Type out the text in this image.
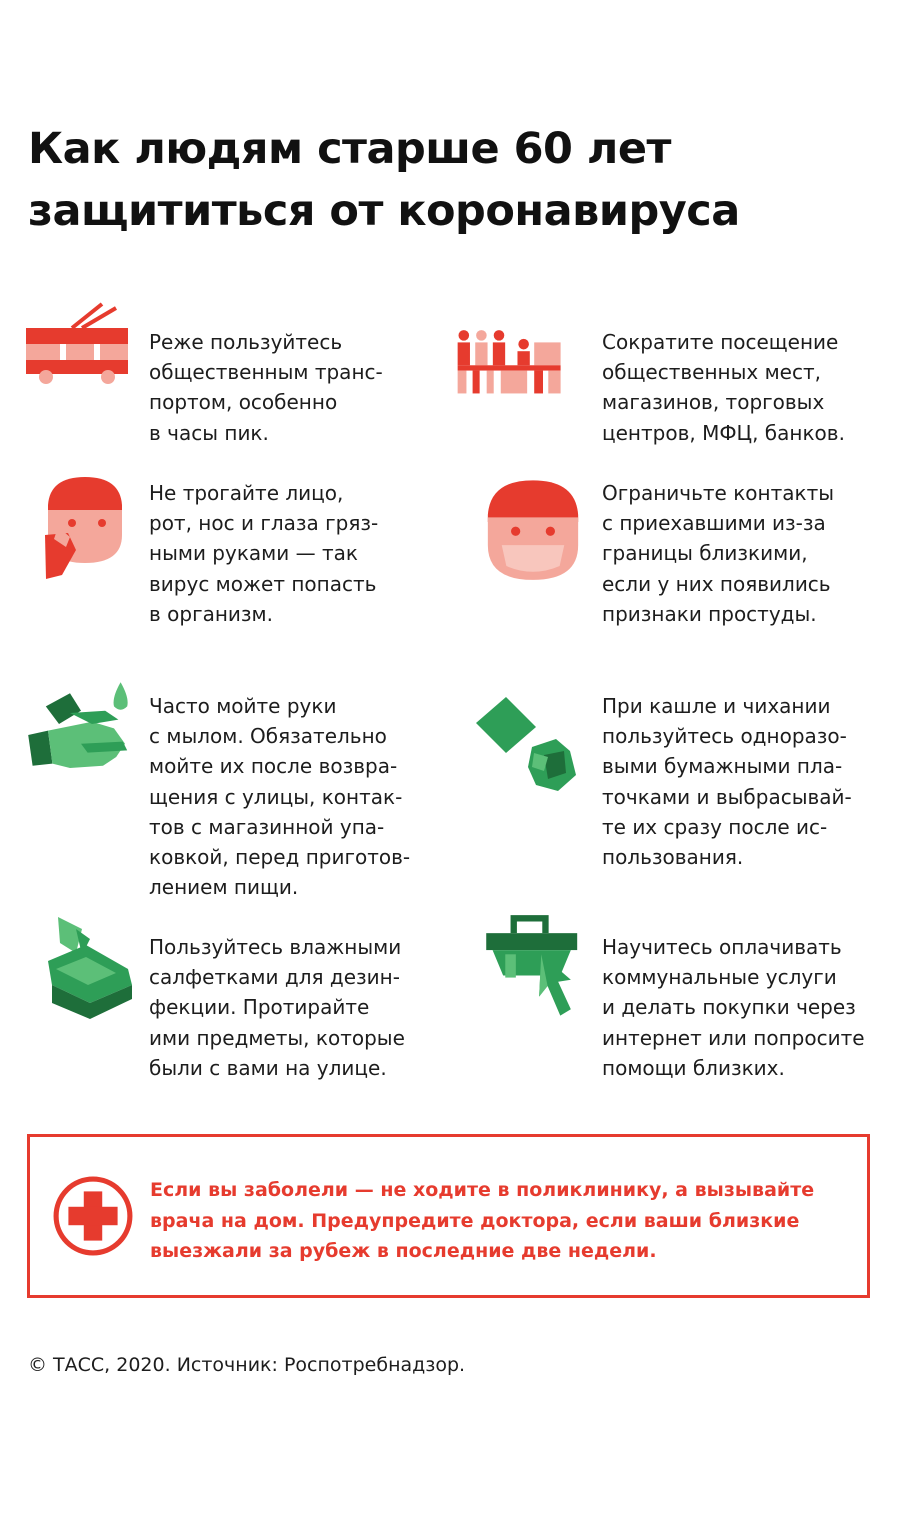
Как людям старше 60 лет
защититься от коронавируса
Реже пользуйтесь
общественным транс-
портом, особенно
в часы пик.
Сократите посещение
общественных мест,
магазинов, торговых
центров, МФЦ, банков.
Не трогайте лицо,
рот, нос и глаза гряз-
ными руками — так
вирус может попасть
в организм.
Ограничьте контакты
с приехавшими из-за
границы близкими,
если у них появились
признаки простуды.
Часто мойте руки
с мылом. Обязательно
мойте их после возвра-
щения с улицы, контак-
тов с магазинной упа-
ковкой, перед приготов-
лением пищи.
При кашле и чихании
пользуйтесь одноразо-
выми бумажными пла-
точками и выбрасывай-
те их сразу после ис-
пользования.
Пользуйтесь влажными
салфетками для дезин-
фекции. Протирайте
ими предметы, которые
были с вами на улице.
Научитесь оплачивать
коммунальные услуги
и делать покупки через
интернет или попросите
помощи близких.
Если вы заболели — не ходите в поликлинику, а вызывайте
врача на дом. Предупредите доктора, если ваши близкие
выезжали за рубеж в последние две недели.
© ТАСС, 2020. Источник: Роспотребнадзор.
